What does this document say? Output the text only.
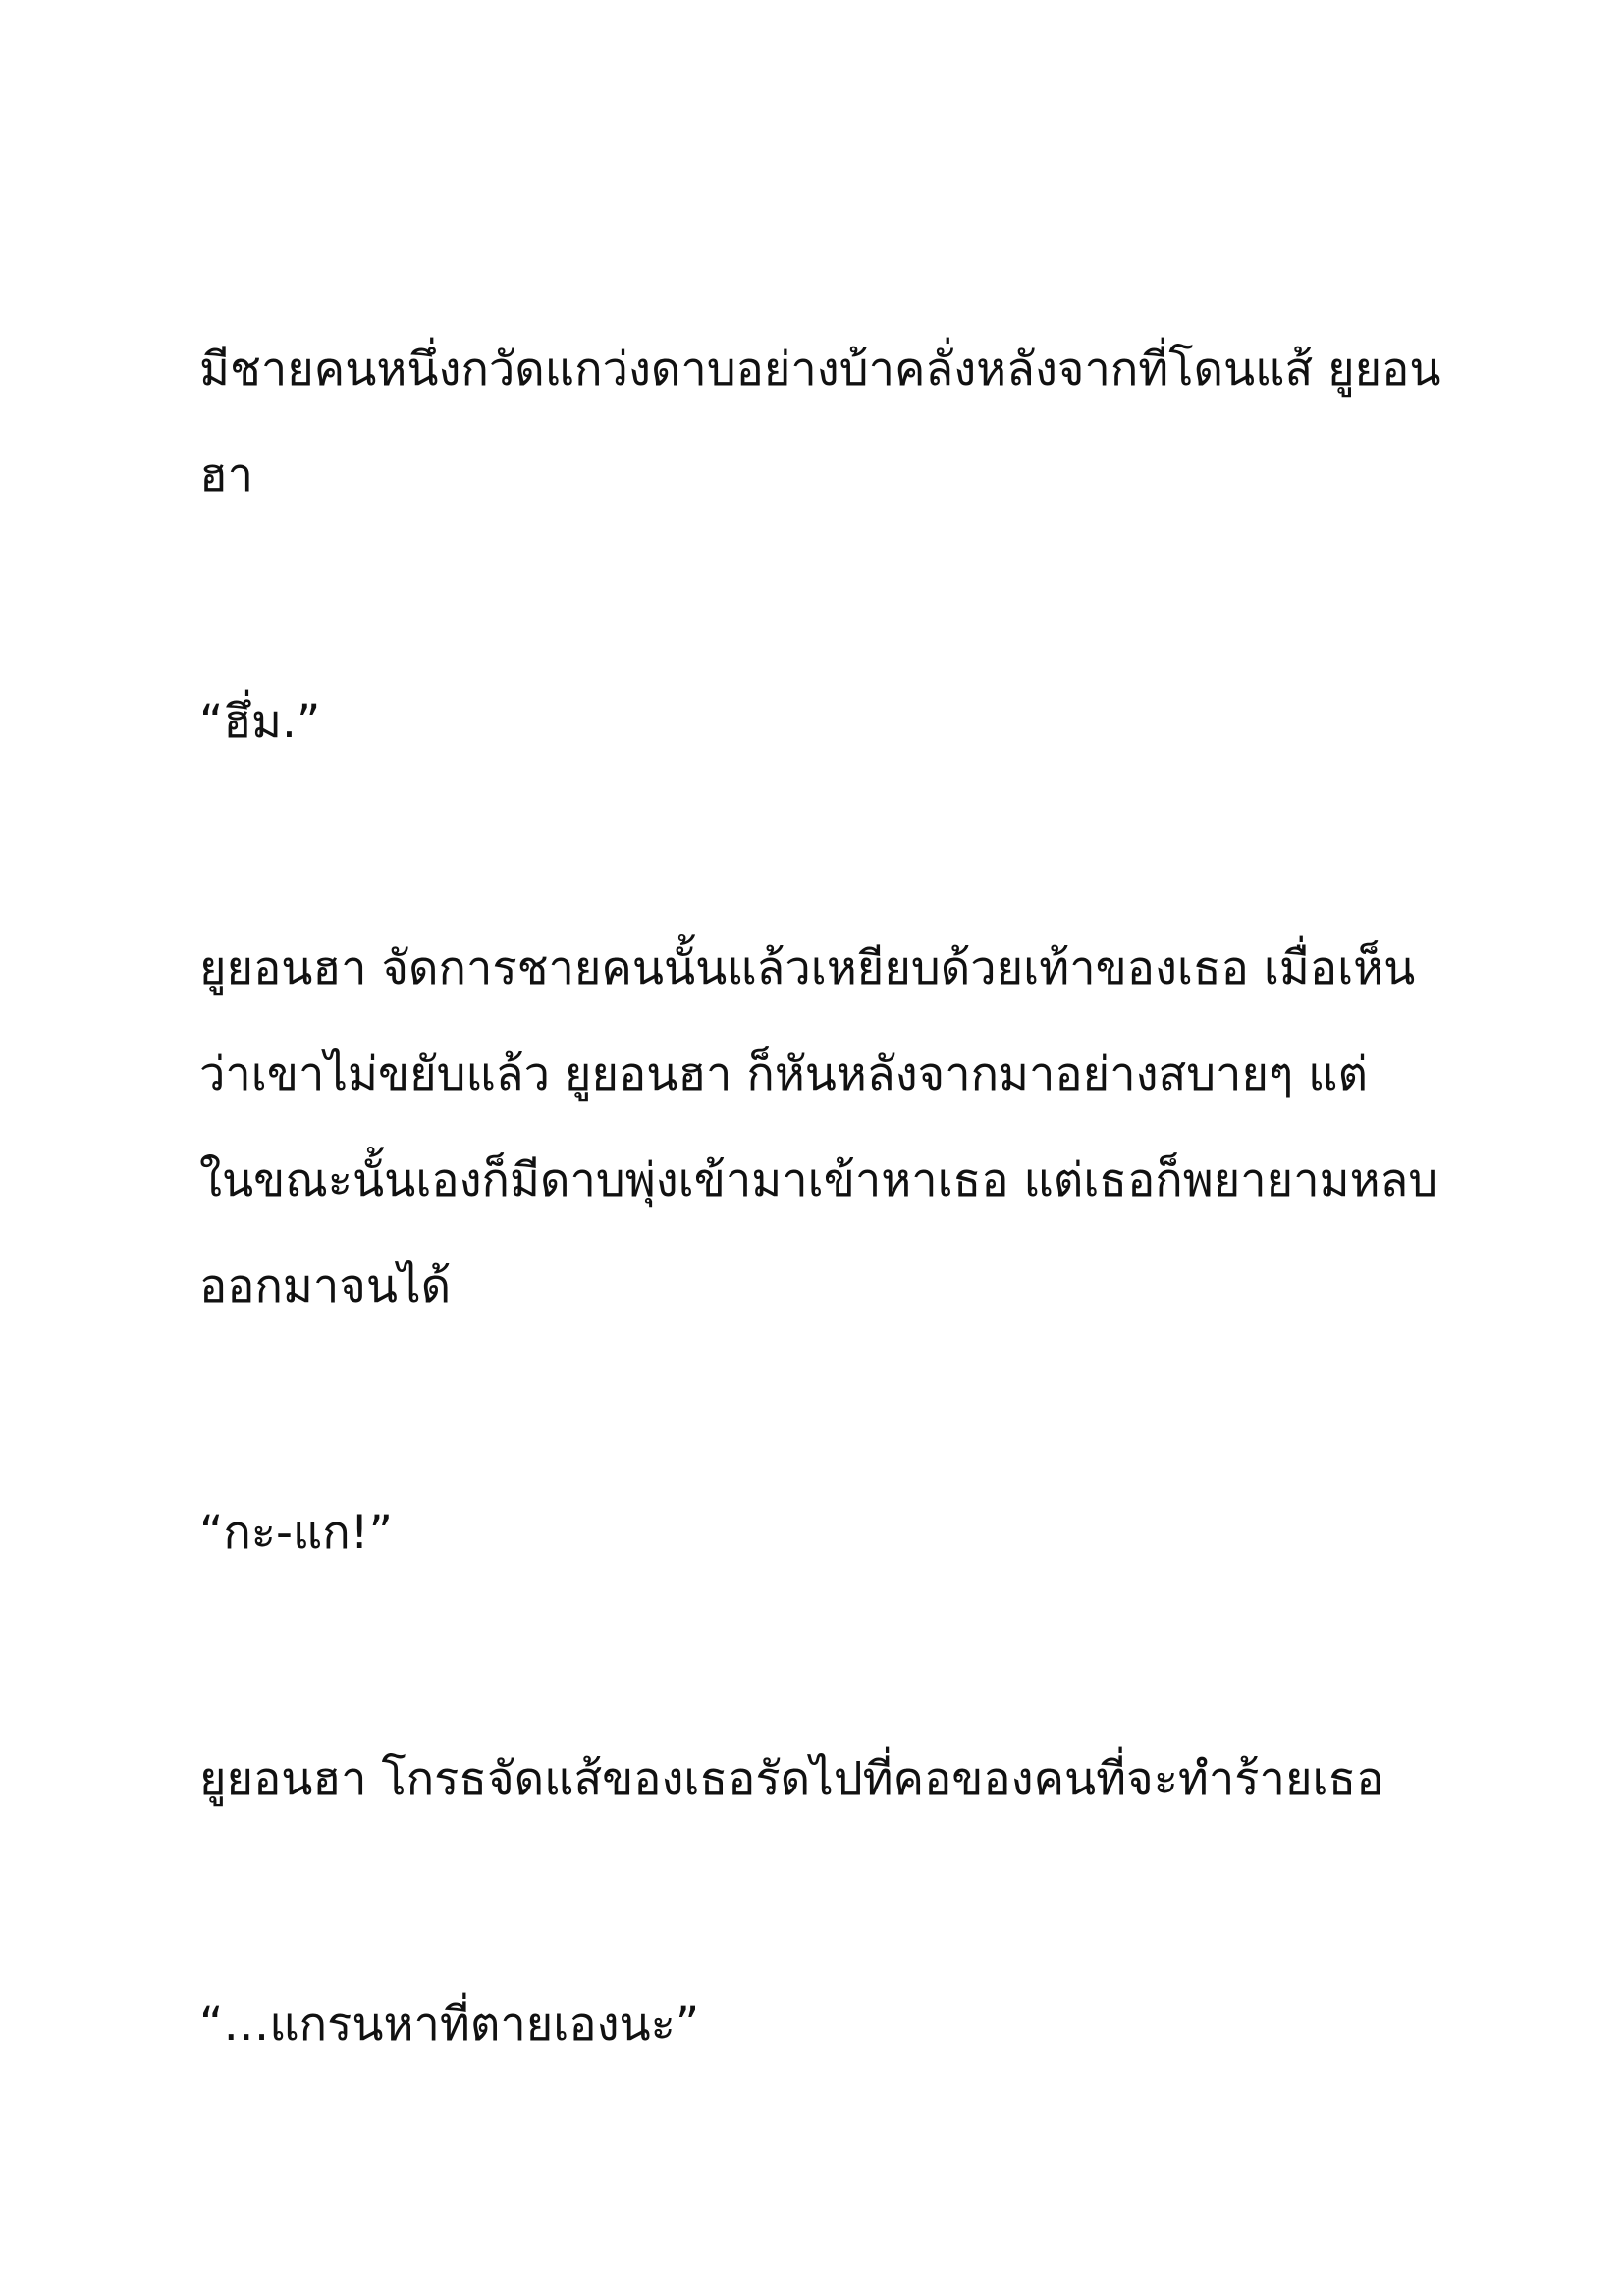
มีชายคนหนึ่งกวัดแกว่งดาบอย่างบ้าคลั่งหลังจากที่โดนแส้ ยูยอน

ฮา

“ฮึ่ม.”

ยูยอนฮา จัดการชายคนนั้นแล้วเหยียบด้วยเท้าของเธอ เมื่อเห็น

ว่าเขาไม่ขยับแล้ว ยูยอนฮา ก็หันหลังจากมาอย่างสบายๆ แต่

ในขณะนั้นเองก็มีดาบพุ่งเข้ามาเข้าหาเธอ แต่เธอก็พยายามหลบ

ออกมาจนได้

“กะ-แก!”

ยูยอนฮา โกรธจัดแส้ของเธอรัดไปที่คอของคนที่จะทำร้ายเธอ

“…แกรนหาที่ตายเองนะ”
